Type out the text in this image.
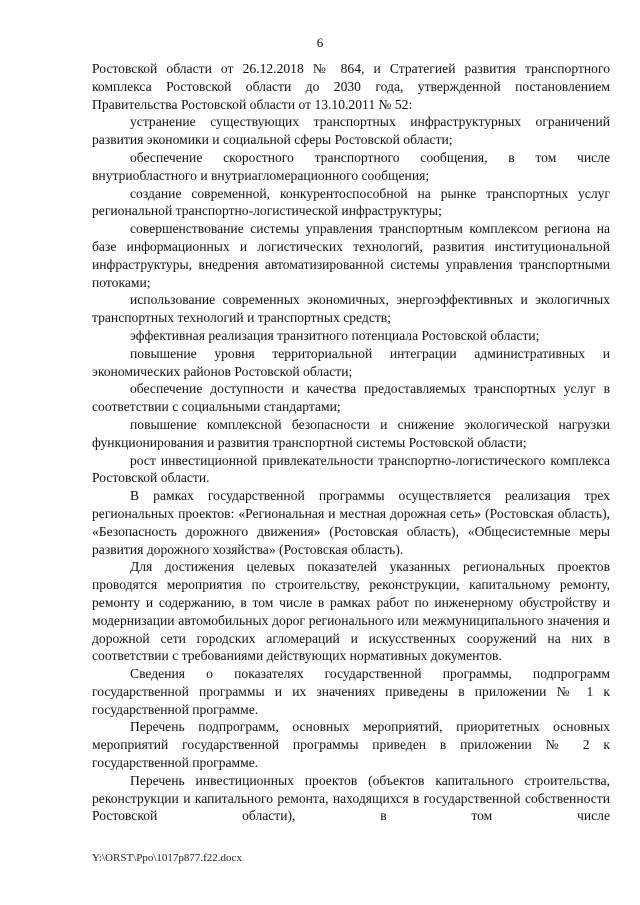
6

Ростовской области от 26.12.2018 № 864, и Стратегией развития транспортного комплекса Ростовской области до 2030 года, утвержденной постановлением Правительства Ростовской области от 13.10.2011 № 52:

устранение существующих транспортных инфраструктурных ограничений развития экономики и социальной сферы Ростовской области;

обеспечение скоростного транспортного сообщения, в том числе внутриобластного и внутриагломерационного сообщения;

создание современной, конкурентоспособной на рынке транспортных услуг региональной транспортно-логистической инфраструктуры;

совершенствование системы управления транспортным комплексом региона на базе информационных и логистических технологий, развития институциональной инфраструктуры, внедрения автоматизированной системы управления транспортными потоками;

использование современных экономичных, энергоэффективных и экологичных транспортных технологий и транспортных средств;

эффективная реализация транзитного потенциала Ростовской области;

повышение уровня территориальной интеграции административных и экономических районов Ростовской области;

обеспечение доступности и качества предоставляемых транспортных услуг в соответствии с социальными стандартами;

повышение комплексной безопасности и снижение экологической нагрузки функционирования и развития транспортной системы Ростовской области;

рост инвестиционной привлекательности транспортно-логистического комплекса Ростовской области.

В рамках государственной программы осуществляется реализация трех региональных проектов: «Региональная и местная дорожная сеть» (Ростовская область), «Безопасность дорожного движения» (Ростовская область), «Общесистемные меры развития дорожного хозяйства» (Ростовская область).

Для достижения целевых показателей указанных региональных проектов проводятся мероприятия по строительству, реконструкции, капитальному ремонту, ремонту и содержанию, в том числе в рамках работ по инженерному обустройству и модернизации автомобильных дорог регионального или межмуниципального значения и дорожной сети городских агломераций и искусственных сооружений на них в соответствии с требованиями действующих нормативных документов.

Сведения о показателях государственной программы, подпрограмм государственной программы и их значениях приведены в приложении № 1 к государственной программе.

Перечень подпрограмм, основных мероприятий, приоритетных основных мероприятий государственной программы приведен в приложении № 2 к государственной программе.

Перечень инвестиционных проектов (объектов капитального строительства, реконструкции и капитального ремонта, находящихся в государственной собственности Ростовской области), в том числе

Y:\ORST\Ppo\1017p877.f22.docx
